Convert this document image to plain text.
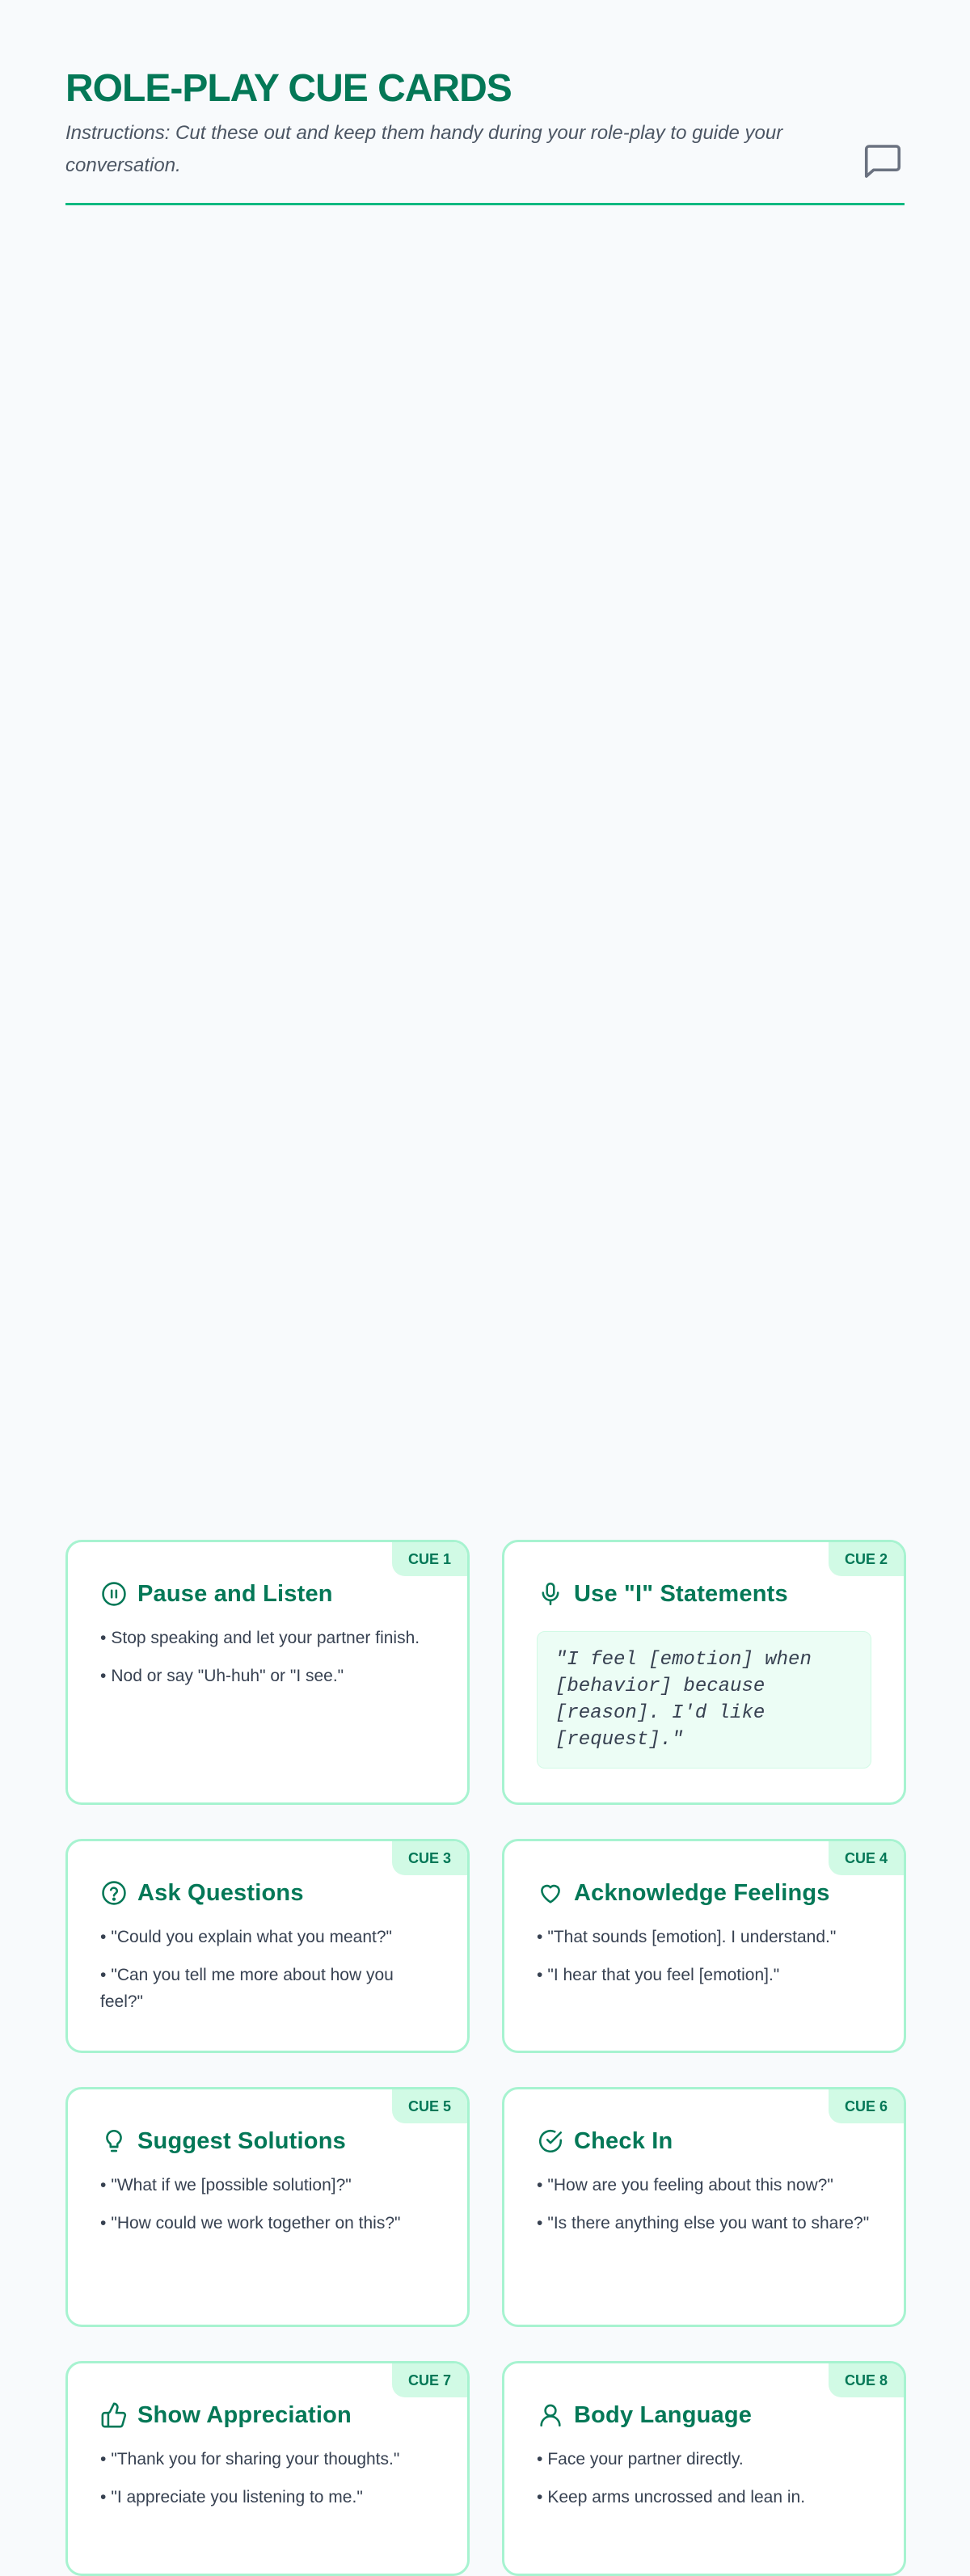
ROLE-PLAY CUE CARDS

Instructions: Cut these out and keep them handy during your role-play to guide your conversation.

CUE 1
Pause and Listen
• Stop speaking and let your partner finish.
• Nod or say "Uh-huh" or "I see."
CUE 2
Use "I" Statements
"I feel [emotion] when [behavior] because [reason]. I'd like [request]."
CUE 3
Ask Questions
• "Could you explain what you meant?"
• "Can you tell me more about how you feel?"
CUE 4
Acknowledge Feelings
• "That sounds [emotion]. I understand."
• "I hear that you feel [emotion]."
CUE 5
Suggest Solutions
• "What if we [possible solution]?"
• "How could we work together on this?"
CUE 6
Check In
• "How are you feeling about this now?"
• "Is there anything else you want to share?"
CUE 7
Show Appreciation
• "Thank you for sharing your thoughts."
• "I appreciate you listening to me."
CUE 8
Body Language
• Face your partner directly.
• Keep arms uncrossed and lean in.
